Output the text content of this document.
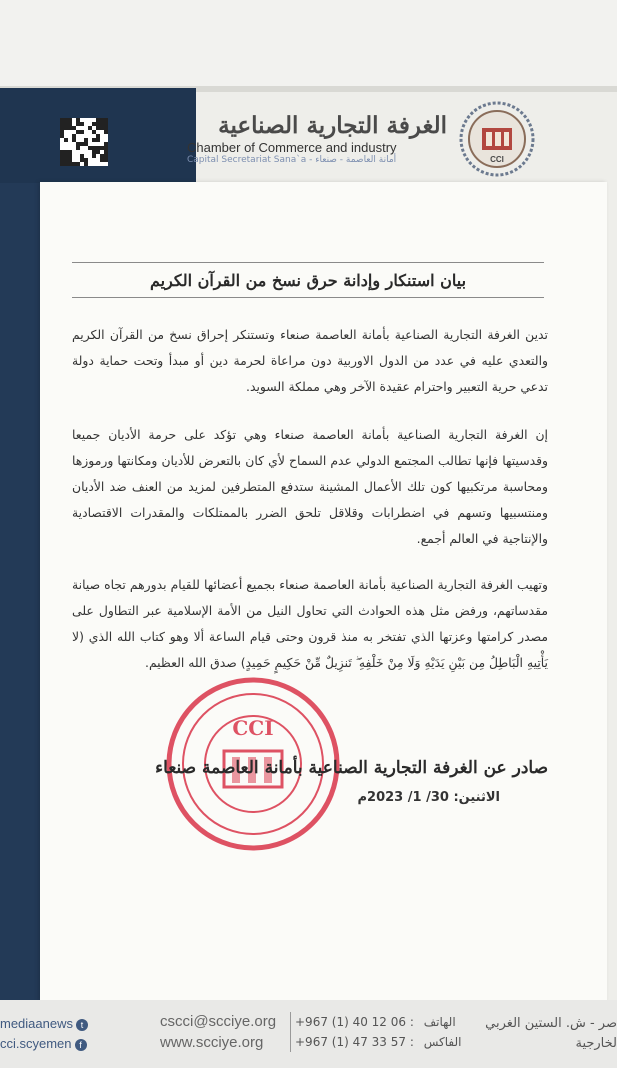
CCI
الغرفة التجارية الصناعية
Chamber of Commerce and industry
Capital Secretariat Sana`a - أمانة العاصمة - صنعاء
بيان استنكار وإدانة حرق نسخ من القرآن الكريم
تدين الغرفة التجارية الصناعية بأمانة العاصمة صنعاء وتستنكر إحراق نسخ من القرآن الكريم والتعدي عليه في عدد من الدول الاوربية دون مراعاة لحرمة دين أو مبدأ وتحت حماية دولة تدعي حرية التعبير واحترام عقيدة الآخر وهي مملكة السويد.
إن الغرفة التجارية الصناعية بأمانة العاصمة صنعاء وهي تؤكد على حرمة الأديان جميعا وقدسيتها فإنها تطالب المجتمع الدولي عدم السماح لأي كان بالتعرض للأديان ومكانتها ورموزها ومحاسبة مرتكبيها كون تلك الأعمال المشينة ستدفع المتطرفين لمزيد من العنف ضد الأديان ومنتسبيها وتسهم في اضطرابات وقلاقل تلحق الضرر بالممتلكات والمقدرات الاقتصادية والإنتاجية في العالم أجمع.
وتهيب الغرفة التجارية الصناعية بأمانة العاصمة صنعاء بجميع أعضائها للقيام بدورهم تجاه صيانة مقدساتهم، ورفض مثل هذه الحوادث التي تحاول النيل من الأمة الإسلامية عبر التطاول على مصدر كرامتها وعزتها الذي تفتخر به منذ قرون وحتى قيام الساعة ألا وهو كتاب الله الذي (لا يَأْتِيهِ الْبَاطِلُ مِن بَيْنِ يَدَيْهِ وَلَا مِنْ خَلْفِهِ ۖ تَنزِيلٌ مِّنْ حَكِيمٍ حَمِيدٍ) صدق الله العظيم.
CCI
صادر عن الغرفة التجارية الصناعية بأمانة العاصمة صنعاء
الاثنين: 30/ 1/ 2023م
mediaanews t
cci.scyemen f
cscci@scciye.org
www.scciye.org
+967 (1) 40 12 06 : الهاتف
+967 (1) 47 33 57 : الفاكس
صر - ش. الستين الغربي
لخارجية
